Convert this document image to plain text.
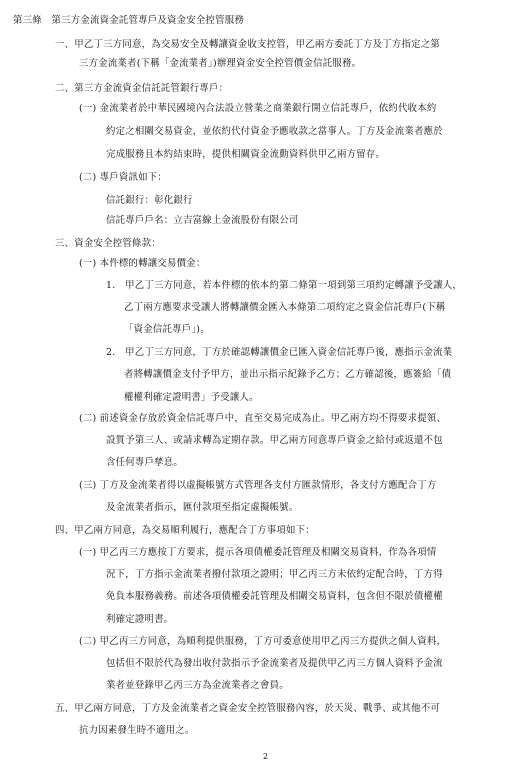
第三條　第三方金流資金託管專戶及資金安全控管服務
一、甲乙丁三方同意，為交易安全及轉讓資金收支控管，甲乙兩方委託丁方及丁方指定之第
三方金流業者(下稱「金流業者」)辦理資金安全控管價金信託服務。
二、第三方金流資金信託託管銀行專戶：
(一) 金流業者於中華民國境內合法設立營業之商業銀行開立信託專戶，依約代收本約
約定之相關交易資金，並依約代付資金予應收款之當事人。丁方及金流業者應於
完成服務且本約結束時，提供相關資金流動資料供甲乙兩方留存。
(二) 專戶資訊如下：
信託銀行：彰化銀行
信託專戶戶名：立吉富線上金流股份有限公司
三、資金安全控管條款：
(一) 本件標的轉讓交易價金：
1.　甲乙丁三方同意，若本件標的依本約第二條第一項到第三項約定轉讓予受讓人，
乙丁兩方應要求受讓人將轉讓價金匯入本條第二項約定之資金信託專戶(下稱
「資金信託專戶」)。
2.　甲乙丁三方同意，丁方於確認轉讓價金已匯入資金信託專戶後，應指示金流業
者將轉讓價金支付予甲方，並出示指示紀錄予乙方；乙方確認後，應簽給「債
權權利確定證明書」予受讓人。
(二) 前述資金存放於資金信託專戶中，直至交易完成為止。甲乙兩方均不得要求提領、
設質予第三人、或請求轉為定期存款。甲乙兩方同意專戶資金之給付或返還不包
含任何專戶孳息。
(三) 丁方及金流業者得以虛擬帳號方式管理各支付方匯款情形，各支付方應配合丁方
及金流業者指示，匯付款項至指定虛擬帳號。
四、甲乙兩方同意，為交易順利履行，應配合丁方事項如下：
(一) 甲乙丙三方應按丁方要求，提示各項債權委託管理及相關交易資料，作為各項情
況下，丁方指示金流業者撥付款項之證明；甲乙丙三方未依約定配合時，丁方得
免負本服務義務。前述各項債權委託管理及相關交易資料，包含但不限於債權權
利確定證明書。
(二) 甲乙丙三方同意，為順利提供服務，丁方可委意使用甲乙丙三方提供之個人資料，
包括但不限於代為發出收付款指示予金流業者及提供甲乙丙三方個人資料予金流
業者並登錄甲乙丙三方為金流業者之會員。
五、甲乙兩方同意，丁方及金流業者之資金安全控管服務內容，於天災、戰爭、或其他不可
抗力因素發生時不適用之。
2
